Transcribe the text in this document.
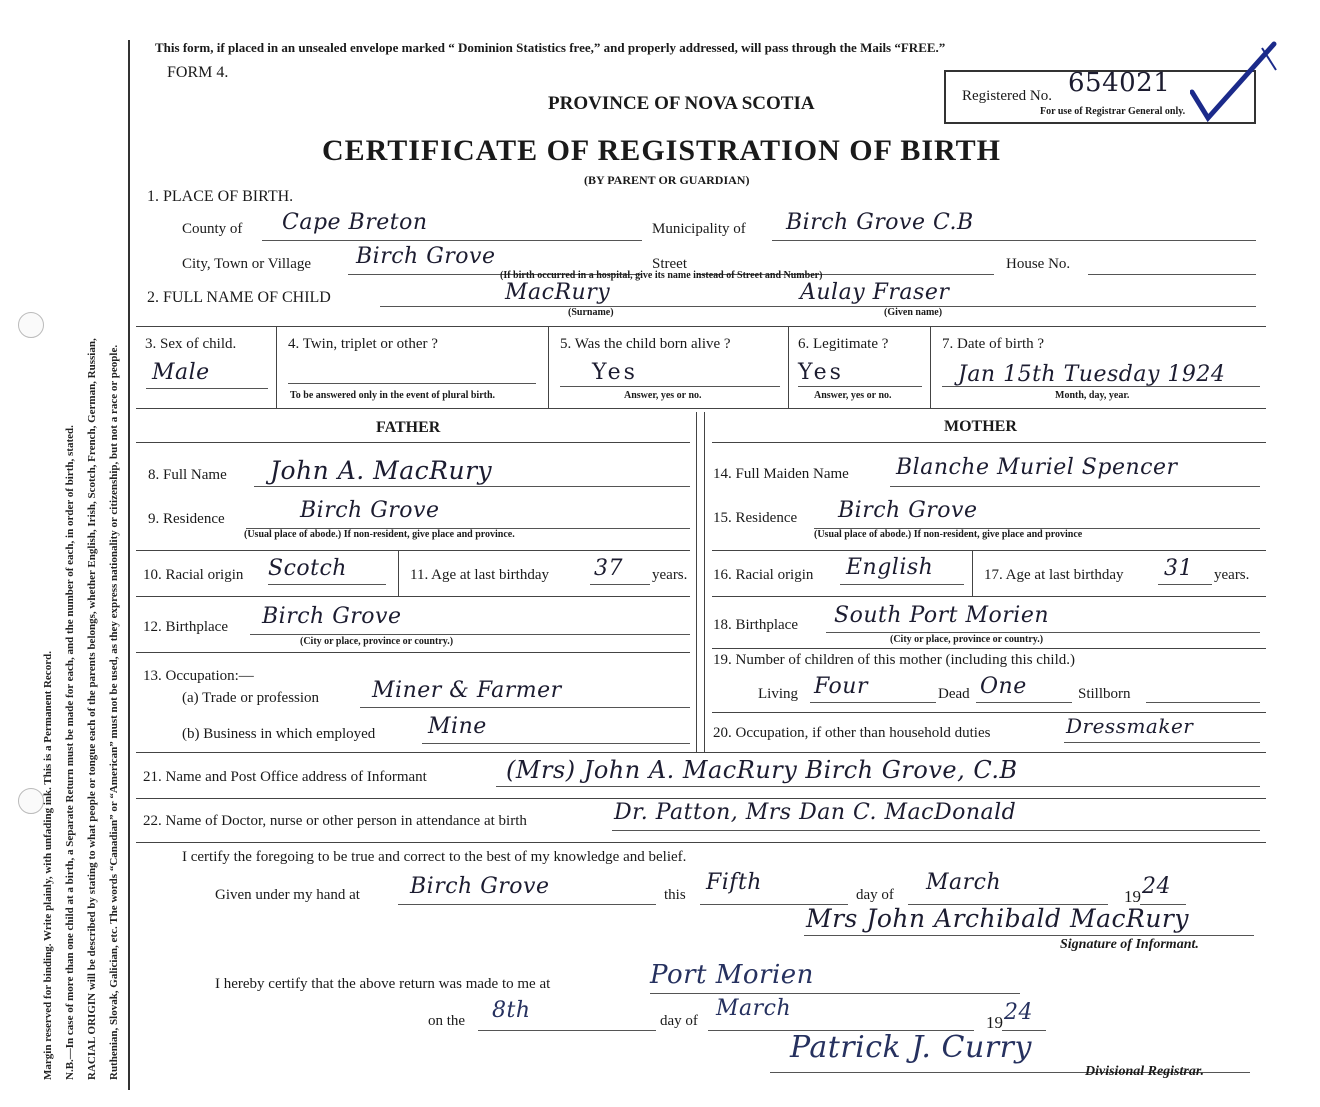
Margin reserved for binding. Write plainly, with unfading ink. This is a Permanent Record. N.B.—In case of more than one child at a birth, a Separate Return must be made for each, and the number of each, in order of birth, stated. RACIAL ORIGIN will be described by stating to what people or tongue each of the parents belongs, whether English, Irish, Scotch, French, German, Russian, Ruthenian, Slovak, Galician, etc. The words “Canadian” or “American” must not be used, as they express nationality or citizenship, but not a race or people.
This form, if placed in an unsealed envelope marked “ Dominion Statistics free,” and properly addressed, will pass through the Mails “FREE.”
FORM 4.
PROVINCE OF NOVA SCOTIA
CERTIFICATE OF REGISTRATION OF BIRTH
(BY PARENT OR GUARDIAN)
Registered No. 654021
For use of Registrar General only.
1. PLACE OF BIRTH.
County of Cape Breton	Municipality of Birch Grove C.B
City, Town or Village Birch Grove	Street	House No.
(If birth occurred in a hospital, give its name instead of Street and Number)
2. FULL NAME OF CHILD	MacRury	Aulay Fraser
(Surname)	(Given name)
3. Sex of child.
Male
4. Twin, triplet or other ?
To be answered only in the event of plural birth.
5. Was the child born alive ?
Yes
Answer, yes or no.
6. Legitimate ?
Yes
Answer, yes or no.
7. Date of birth ?
Jan 15th Tuesday 1924
Month, day, year.
FATHER	MOTHER
8. Full Name John A. MacRury
9. Residence	Birch Grove
(Usual place of abode.) If non-resident, give place and province.
10. Racial origin Scotch	11. Age at last birthday 37 years.
12. Birthplace Birch Grove
(City or place, province or country.)
13. Occupation:—
(a) Trade or profession Miner & Farmer
(b) Business in which employed Mine
14. Full Maiden Name Blanche Muriel Spencer
15. Residence Birch Grove
(Usual place of abode.) If non-resident, give place and province
16. Racial origin English	17. Age at last birthday 31 years.
18. Birthplace South Port Morien
(City or place, province or country.)
19. Number of children of this mother (including this child.)
Living Four	Dead One	Stillborn
20. Occupation, if other than household duties	Dressmaker
21. Name and Post Office address of Informant	(Mrs) John A. MacRury Birch Grove, C.B
22. Name of Doctor, nurse or other person in attendance at birth	Dr. Patton, Mrs Dan C. MacDonald
I certify the foregoing to be true and correct to the best of my knowledge and belief.
Given under my hand at Birch Grove	this Fifth	day of March
19 24
Mrs John Archibald MacRury
Signature of Informant.
I hereby certify that the above return was made to me at	Port Morien
on the 8th	day of March
19 24
Patrick J. Curry
Divisional Registrar.
